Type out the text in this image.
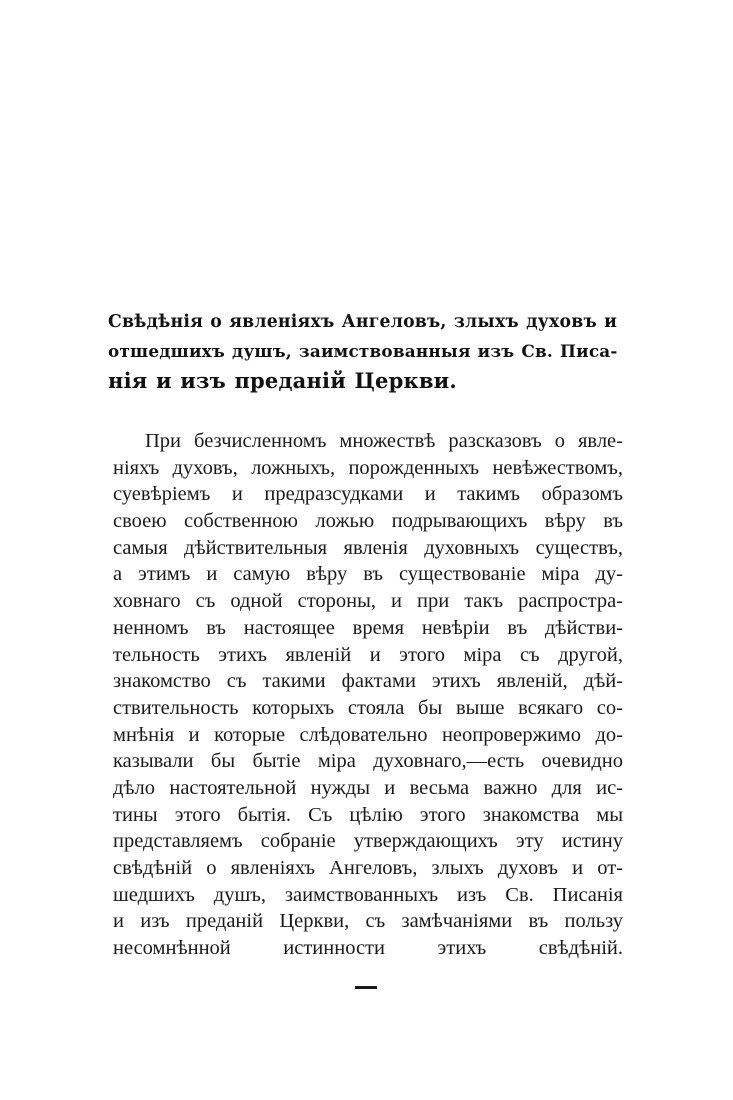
Свѣдѣнія о явленіяхъ Ангеловъ, злыхъ духовъ и
отшедшихъ душъ, заимствованныя изъ Св. Писа-
нія и изъ преданій Церкви.
При безчисленномъ множествѣ разсказовъ о явле-
ніяхъ духовъ, ложныхъ, порожденныхъ невѣжествомъ,
суевѣріемъ и предразсудками и такимъ образомъ
своею собственною ложью подрывающихъ вѣру въ
самыя дѣйствительныя явленія духовныхъ существъ,
а этимъ и самую вѣру въ существованіе міра ду-
ховнаго съ одной стороны, и при такъ распростра-
ненномъ въ настоящее время невѣріи въ дѣйстви-
тельность этихъ явленій и этого міра съ другой,
знакомство съ такими фактами этихъ явленій, дѣй-
ствительность которыхъ стояла бы выше всякаго со-
мнѣнія и которые слѣдовательно неопровержимо до-
казывали бы бытіе міра духовнаго,—есть очевидно
дѣло настоятельной нужды и весьма важно для ис-
тины этого бытія. Съ цѣлію этого знакомства мы
представляемъ собраніе утверждающихъ эту истину
свѣдѣній о явленіяхъ Ангеловъ, злыхъ духовъ и от-
шедшихъ душъ, заимствованныхъ изъ Св. Писанія
и изъ преданій Церкви, съ замѣчаніями въ пользу
несомнѣнной истинности этихъ свѣдѣній.
